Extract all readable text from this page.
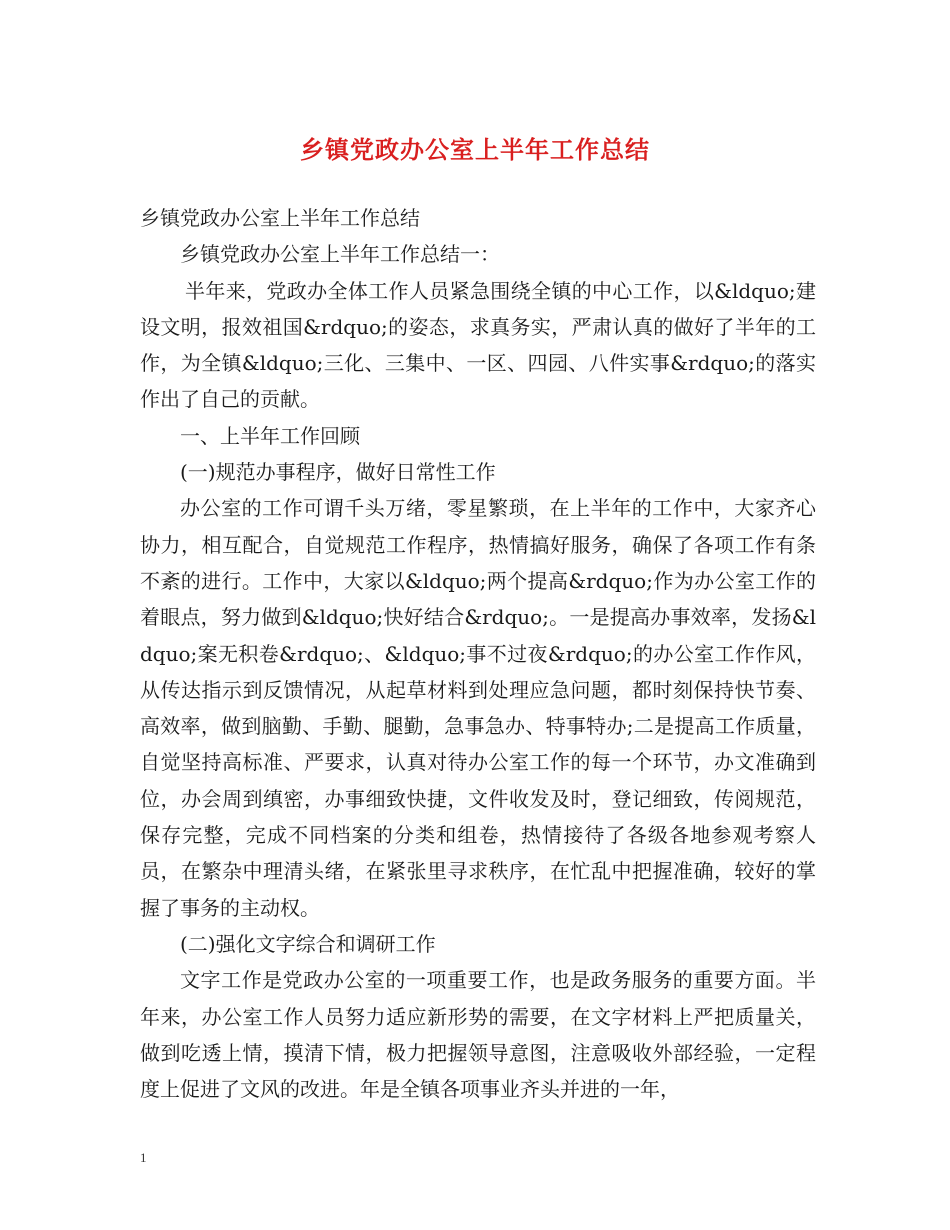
乡镇党政办公室上半年工作总结

乡镇党政办公室上半年工作总结

乡镇党政办公室上半年工作总结一：

半年来，党政办全体工作人员紧急围绕全镇的中心工作，以&ldquo;建设文明，报效祖国&rdquo;的姿态，求真务实，严肃认真的做好了半年的工作，为全镇&ldquo;三化、三集中、一区、四园、八件实事&rdquo;的落实作出了自己的贡献。

一、上半年工作回顾

(一)规范办事程序，做好日常性工作

办公室的工作可谓千头万绪，零星繁琐，在上半年的工作中，大家齐心协力，相互配合，自觉规范工作程序，热情搞好服务，确保了各项工作有条不紊的进行。工作中，大家以&ldquo;两个提高&rdquo;作为办公室工作的着眼点，努力做到&ldquo;快好结合&rdquo;。一是提高办事效率，发扬&ldquo;案无积卷&rdquo;、&ldquo;事不过夜&rdquo;的办公室工作作风，从传达指示到反馈情况，从起草材料到处理应急问题，都时刻保持快节奏、高效率，做到脑勤、手勤、腿勤，急事急办、特事特办;二是提高工作质量，自觉坚持高标准、严要求，认真对待办公室工作的每一个环节，办文准确到位，办会周到缜密，办事细致快捷，文件收发及时，登记细致，传阅规范，保存完整，完成不同档案的分类和组卷，热情接待了各级各地参观考察人员，在繁杂中理清头绪，在紧张里寻求秩序，在忙乱中把握准确，较好的掌握了事务的主动权。

(二)强化文字综合和调研工作

文字工作是党政办公室的一项重要工作，也是政务服务的重要方面。半年来，办公室工作人员努力适应新形势的需要，在文字材料上严把质量关，做到吃透上情，摸清下情，极力把握领导意图，注意吸收外部经验，一定程度上促进了文风的改进。年是全镇各项事业齐头并进的一年，

1
